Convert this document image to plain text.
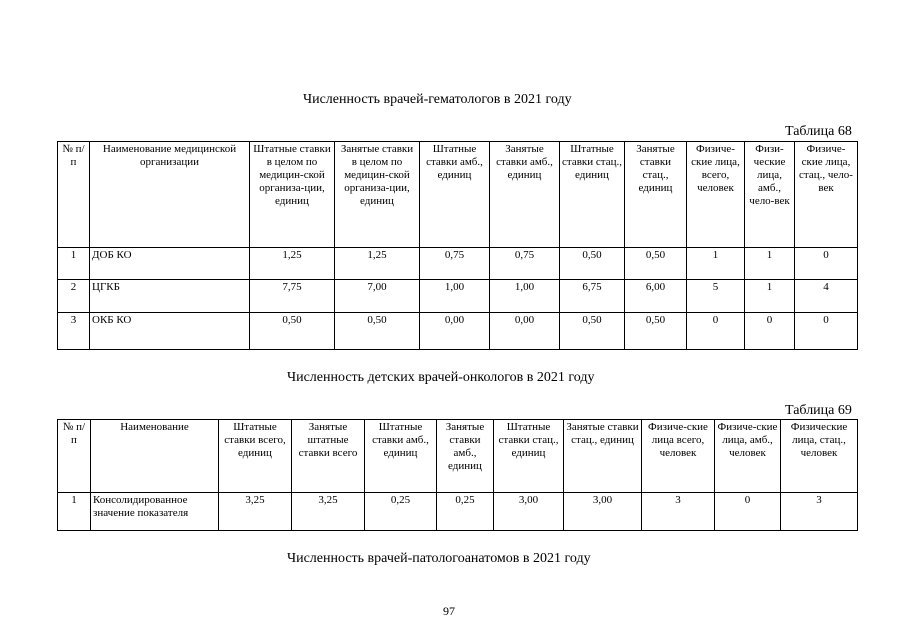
Численность врачей-гематологов в 2021 году
Таблица 68
№ п/п	Наименование медицинской организации	Штатные ставки в целом по медицин-ской организа-ции, единиц	Занятые ставки в целом по медицин-ской организа-ции, единиц	Штатные ставки амб., единиц	Занятые ставки амб., единиц	Штатные ставки стац., единиц	Занятые ставки стац., единиц	Физиче-ские лица, всего, человек	Физи-ческие лица, амб., чело-век	Физиче-ские лица, стац., чело-век
1	ДОБ КО	1,25	1,25	0,75	0,75	0,50	0,50	1	1	0
2	ЦГКБ	7,75	7,00	1,00	1,00	6,75	6,00	5	1	4
3	ОКБ КО	0,50	0,50	0,00	0,00	0,50	0,50	0	0	0
Численность детских врачей-онкологов в 2021 году
Таблица 69
№ п/п	Наименование	Штатные ставки всего, единиц	Занятые штатные ставки всего	Штатные ставки амб., единиц	Занятые ставки амб., единиц	Штатные ставки стац., единиц	Занятые ставки стац., единиц	Физиче-ские лица всего, человек	Физиче-ские лица, амб., человек	Физические лица, стац., человек
1	Консолидированное значение показателя	3,25	3,25	0,25	0,25	3,00	3,00	3	0	3
Численность врачей-патологоанатомов в 2021 году
97
